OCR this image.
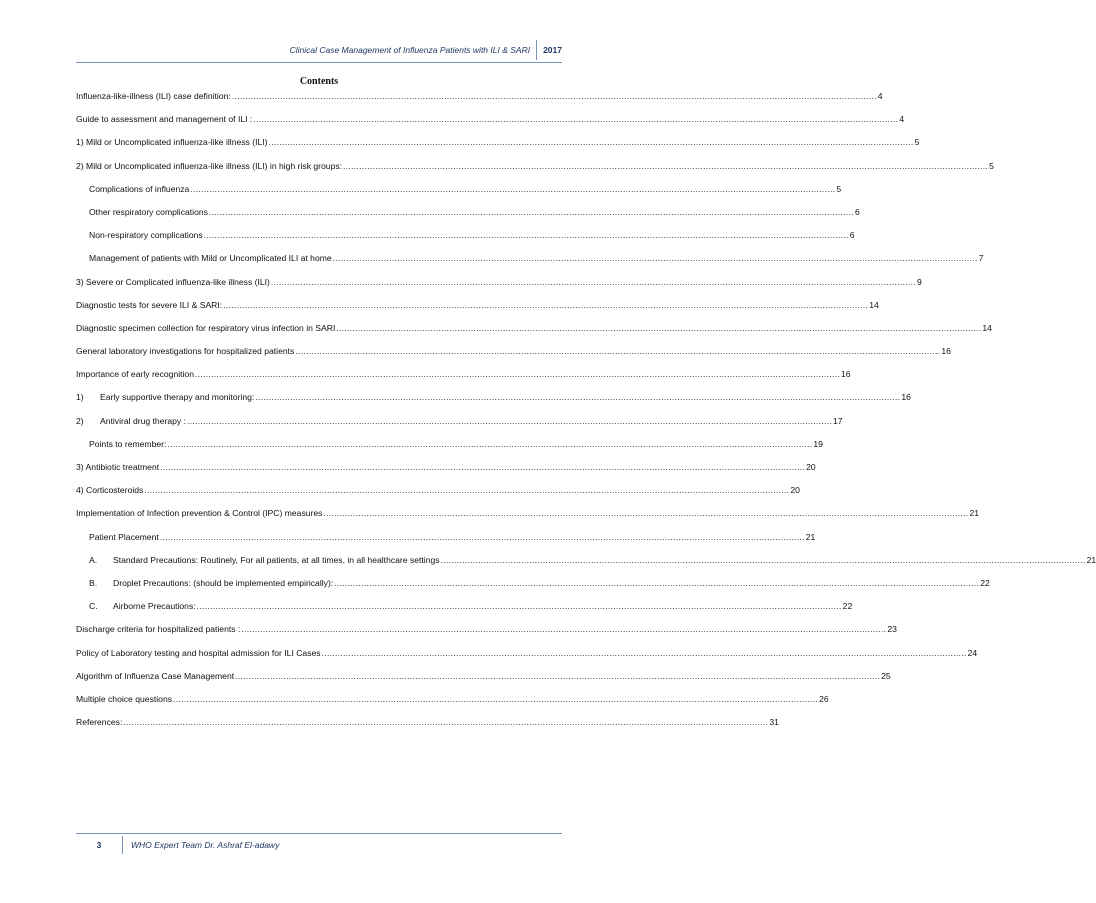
Clinical Case Management of Influenza Patients with ILI & SARI	2017
Contents
Influenza-like-illness (ILI) case definition: .....	4
Guide to assessment and management of ILI : .....	4
1) Mild or Uncomplicated influenza-like illness (ILI) .....	5
2) Mild or Uncomplicated influenza-like illness (ILI) in high risk groups: .....	5
Complications of influenza .....	5
Other respiratory complications .....	6
Non-respiratory complications .....	6
Management of patients with Mild or Uncomplicated ILI at home .....	7
3) Severe or Complicated influenza-like illness (ILI) .....	9
Diagnostic tests for severe ILI & SARI: .....	14
Diagnostic specimen collection for respiratory virus infection in SARI .....	14
General laboratory investigations for hospitalized patients .....	16
Importance of early recognition .....	16
1)	Early supportive therapy and monitoring: .....	16
2)	Antiviral drug therapy : .....	17
Points to remember: .....	19
3) Antibiotic treatment .....	20
4) Corticosteroids .....	20
Implementation of Infection prevention & Control (IPC) measures .....	21
Patient Placement .....	21
A.	Standard Precautions: Routinely, For all patients, at all times, in all healthcare settings .....	21
B.	Droplet Precautions: (should be implemented empirically): .....	22
C.	Airborne Precautions: .....	22
Discharge criteria for hospitalized patients : .....	23
Policy of Laboratory testing and hospital admission for ILI Cases .....	24
Algorithm of Influenza Case Management .....	25
Multiple choice questions .....	26
References: .....	31
3	WHO Expert Team Dr. Ashraf El-adawy
